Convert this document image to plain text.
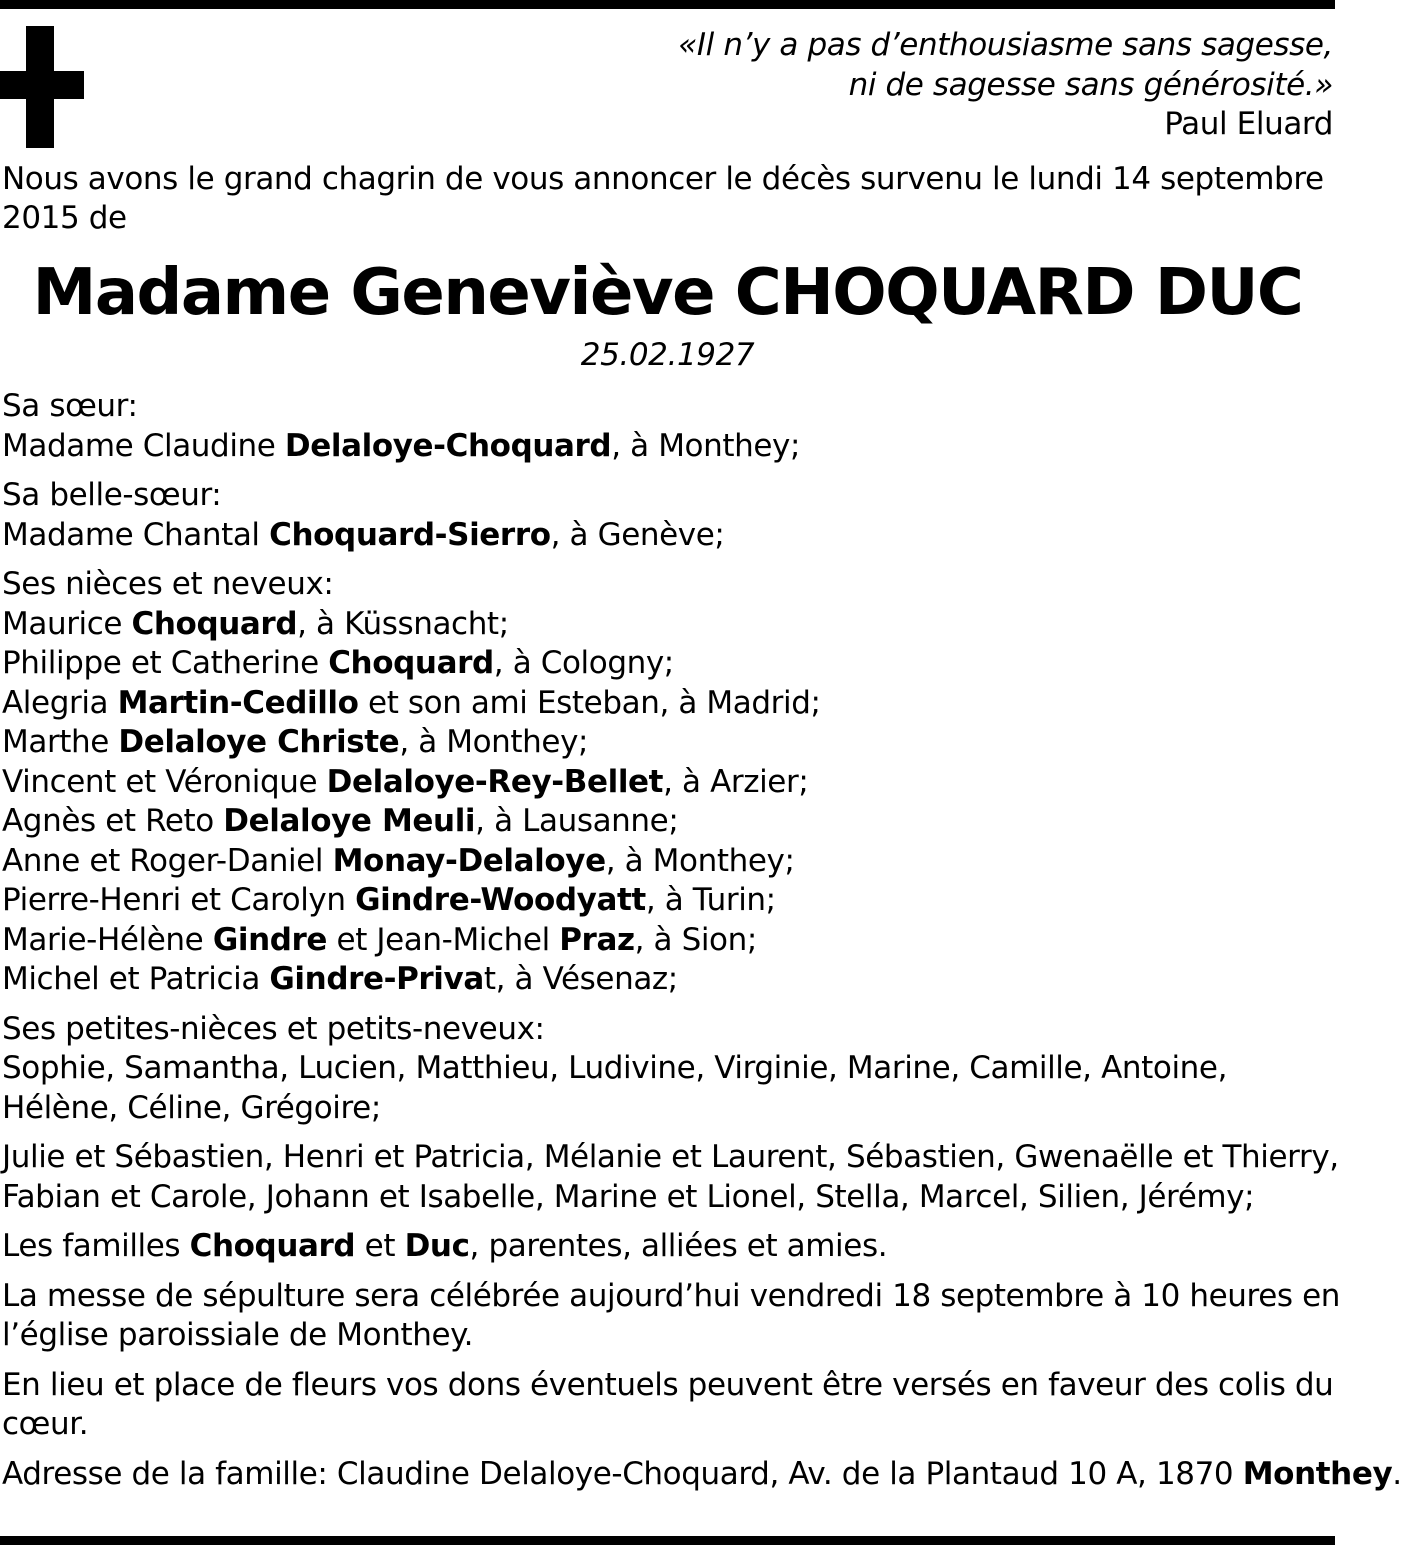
«Il n’y a pas d’enthousiasme sans sagesse,
ni de sagesse sans générosité.»
Paul Eluard
Nous avons le grand chagrin de vous annoncer le décès survenu le lundi 14 septembre 2015 de
Madame Geneviève CHOQUARD DUC
25.02.1927
Sa sœur:
Madame Claudine Delaloye-Choquard, à Monthey;
Sa belle-sœur:
Madame Chantal Choquard-Sierro, à Genève;
Ses nièces et neveux:
Maurice Choquard, à Küssnacht;
Philippe et Catherine Choquard, à Cologny;
Alegria Martin-Cedillo et son ami Esteban, à Madrid;
Marthe Delaloye Christe, à Monthey;
Vincent et Véronique Delaloye-Rey-Bellet, à Arzier;
Agnès et Reto Delaloye Meuli, à Lausanne;
Anne et Roger-Daniel Monay-Delaloye, à Monthey;
Pierre-Henri et Carolyn Gindre-Woodyatt, à Turin;
Marie-Hélène Gindre et Jean-Michel Praz, à Sion;
Michel et Patricia Gindre-Privat, à Vésenaz;
Ses petites-nièces et petits-neveux:
Sophie, Samantha, Lucien, Matthieu, Ludivine, Virginie, Marine, Camille, Antoine, Hélène, Céline, Grégoire;
Julie et Sébastien, Henri et Patricia, Mélanie et Laurent, Sébastien, Gwenaëlle et Thierry, Fabian et Carole, Johann et Isabelle, Marine et Lionel, Stella, Marcel, Silien, Jérémy;
Les familles Choquard et Duc, parentes, alliées et amies.
La messe de sépulture sera célébrée aujourd’hui vendredi 18 septembre à 10 heures en l’église paroissiale de Monthey.
En lieu et place de fleurs vos dons éventuels peuvent être versés en faveur des colis du cœur.
Adresse de la famille: Claudine Delaloye-Choquard, Av. de la Plantaud 10 A, 1870 Monthey.
